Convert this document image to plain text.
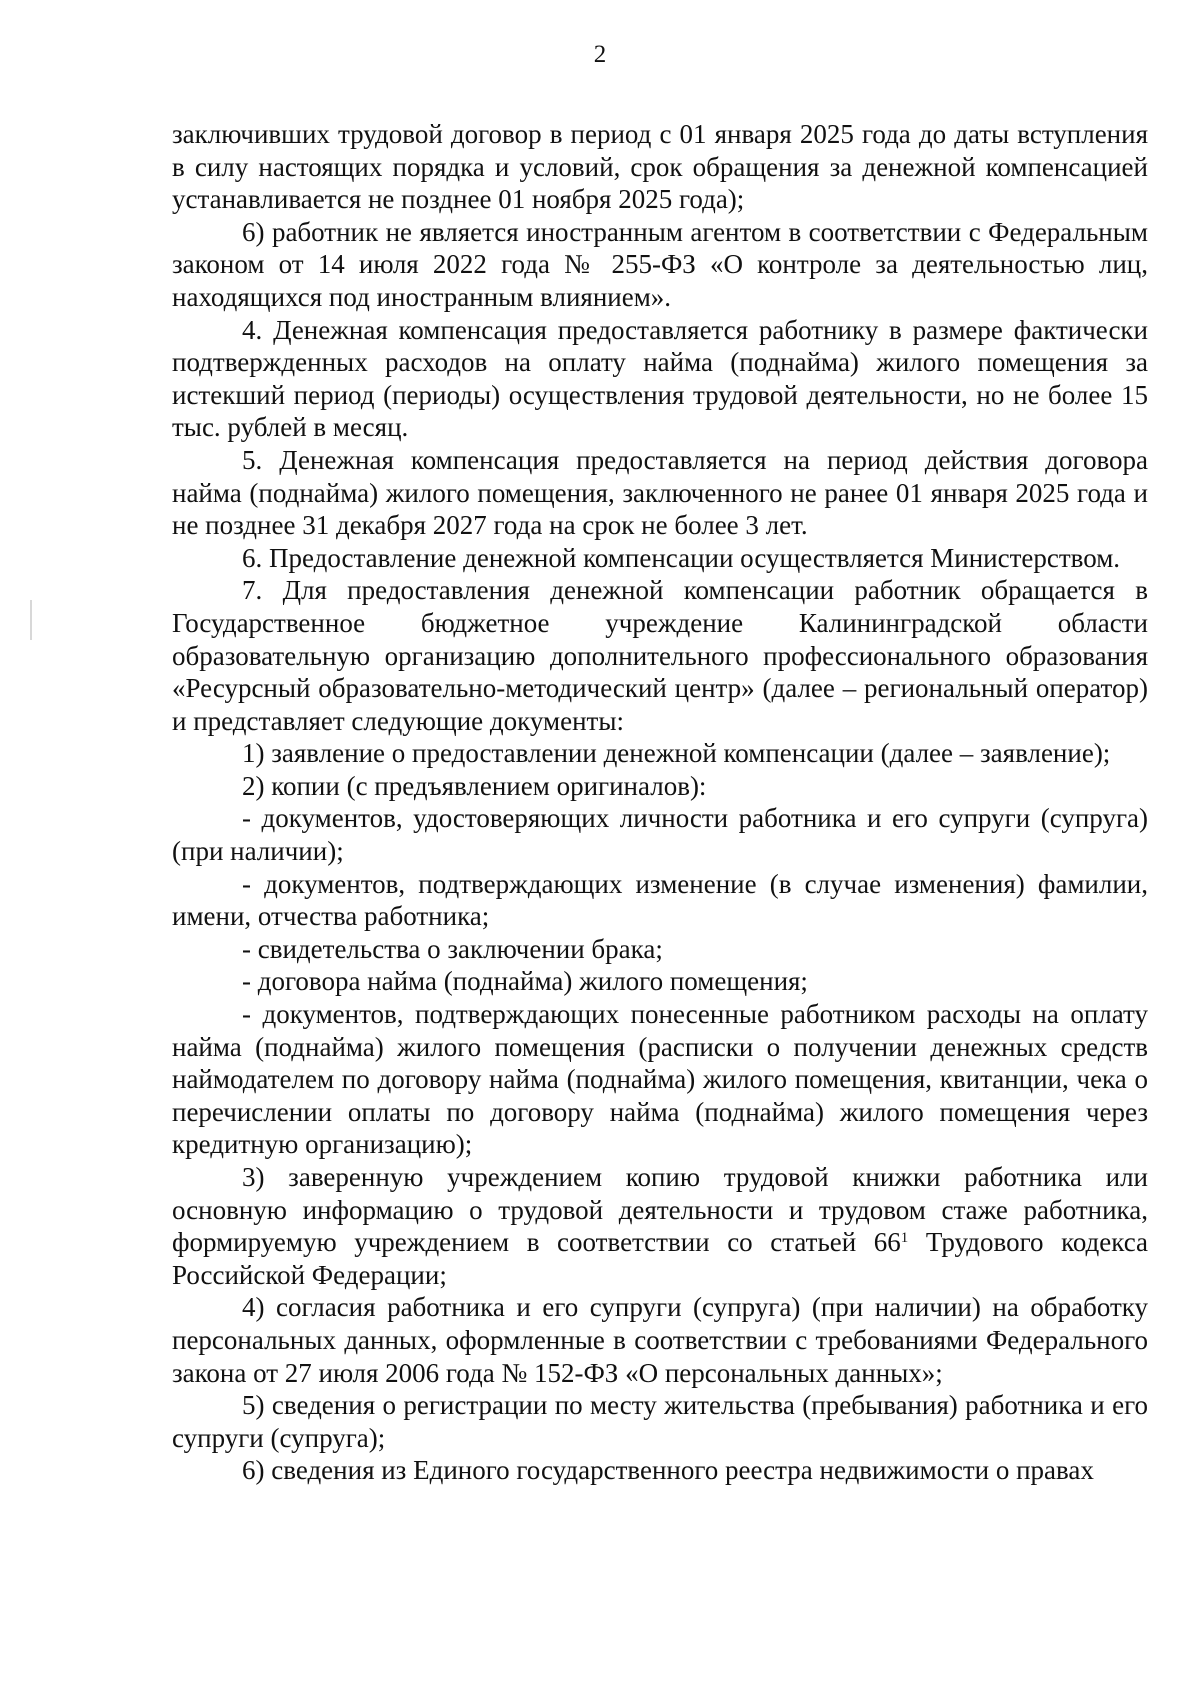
2

заключивших трудовой договор в период с 01 января 2025 года до даты вступления в силу настоящих порядка и условий, срок обращения за денежной компенсацией устанавливается не позднее 01 ноября 2025 года);

6) работник не является иностранным агентом в соответствии с Федеральным законом от 14 июля 2022 года № 255-ФЗ «О контроле за деятельностью лиц, находящихся под иностранным влиянием».

4. Денежная компенсация предоставляется работнику в размере фактически подтвержденных расходов на оплату найма (поднайма) жилого помещения за истекший период (периоды) осуществления трудовой деятельности, но не более 15 тыс. рублей в месяц.

5. Денежная компенсация предоставляется на период действия договора найма (поднайма) жилого помещения, заключенного не ранее 01 января 2025 года и не позднее 31 декабря 2027 года на срок не более 3 лет.

6. Предоставление денежной компенсации осуществляется Министерством.

7. Для предоставления денежной компенсации работник обращается в Государственное бюджетное учреждение Калининградской области образовательную организацию дополнительного профессионального образования «Ресурсный образовательно-методический центр» (далее – региональный оператор) и представляет следующие документы:

1) заявление о предоставлении денежной компенсации (далее – заявление);

2) копии (с предъявлением оригиналов):

- документов, удостоверяющих личности работника и его супруги (супруга) (при наличии);

- документов, подтверждающих изменение (в случае изменения) фамилии, имени, отчества работника;

- свидетельства о заключении брака;

- договора найма (поднайма) жилого помещения;

- документов, подтверждающих понесенные работником расходы на оплату найма (поднайма) жилого помещения (расписки о получении денежных средств наймодателем по договору найма (поднайма) жилого помещения, квитанции, чека о перечислении оплаты по договору найма (поднайма) жилого помещения через кредитную организацию);

3) заверенную учреждением копию трудовой книжки работника или основную информацию о трудовой деятельности и трудовом стаже работника, формируемую учреждением в соответствии со статьей $66^1$ Трудового кодекса Российской Федерации;

4) согласия работника и его супруги (супруга) (при наличии) на обработку персональных данных, оформленные в соответствии с требованиями Федерального закона от 27 июля 2006 года № 152-ФЗ «О персональных данных»;

5) сведения о регистрации по месту жительства (пребывания) работника и его супруги (супруга);

6) сведения из Единого государственного реестра недвижимости о правах
